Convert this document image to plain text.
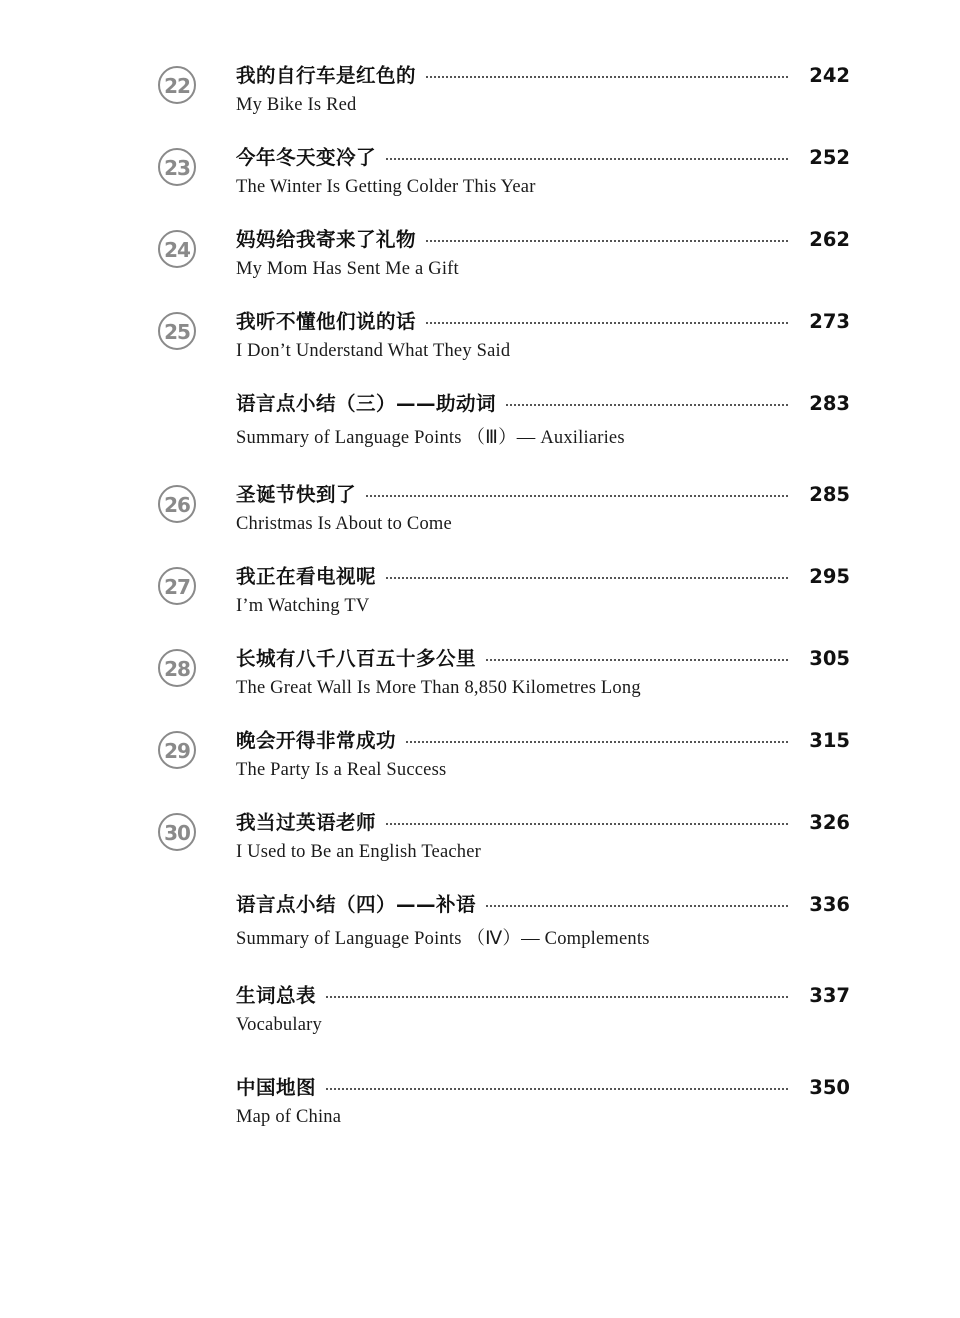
22	我的自行车是红色的	242
My Bike Is Red
23	今年冬天变冷了	252
The Winter Is Getting Colder This Year
24	妈妈给我寄来了礼物	262
My Mom Has Sent Me a Gift
25	我听不懂他们说的话	273
I Don’t Understand What They Said
语言点小结（三）——助动词	283
Summary of Language Points （Ⅲ）— Auxiliaries
26	圣诞节快到了	285
Christmas Is About to Come
27	我正在看电视呢	295
I’m Watching TV
28	长城有八千八百五十多公里	305
The Great Wall Is More Than 8,850 Kilometres Long
29	晚会开得非常成功	315
The Party Is a Real Success
30	我当过英语老师	326
I Used to Be an English Teacher
语言点小结（四）——补语	336
Summary of Language Points （Ⅳ）— Complements
生词总表	337
Vocabulary
中国地图	350
Map of China
